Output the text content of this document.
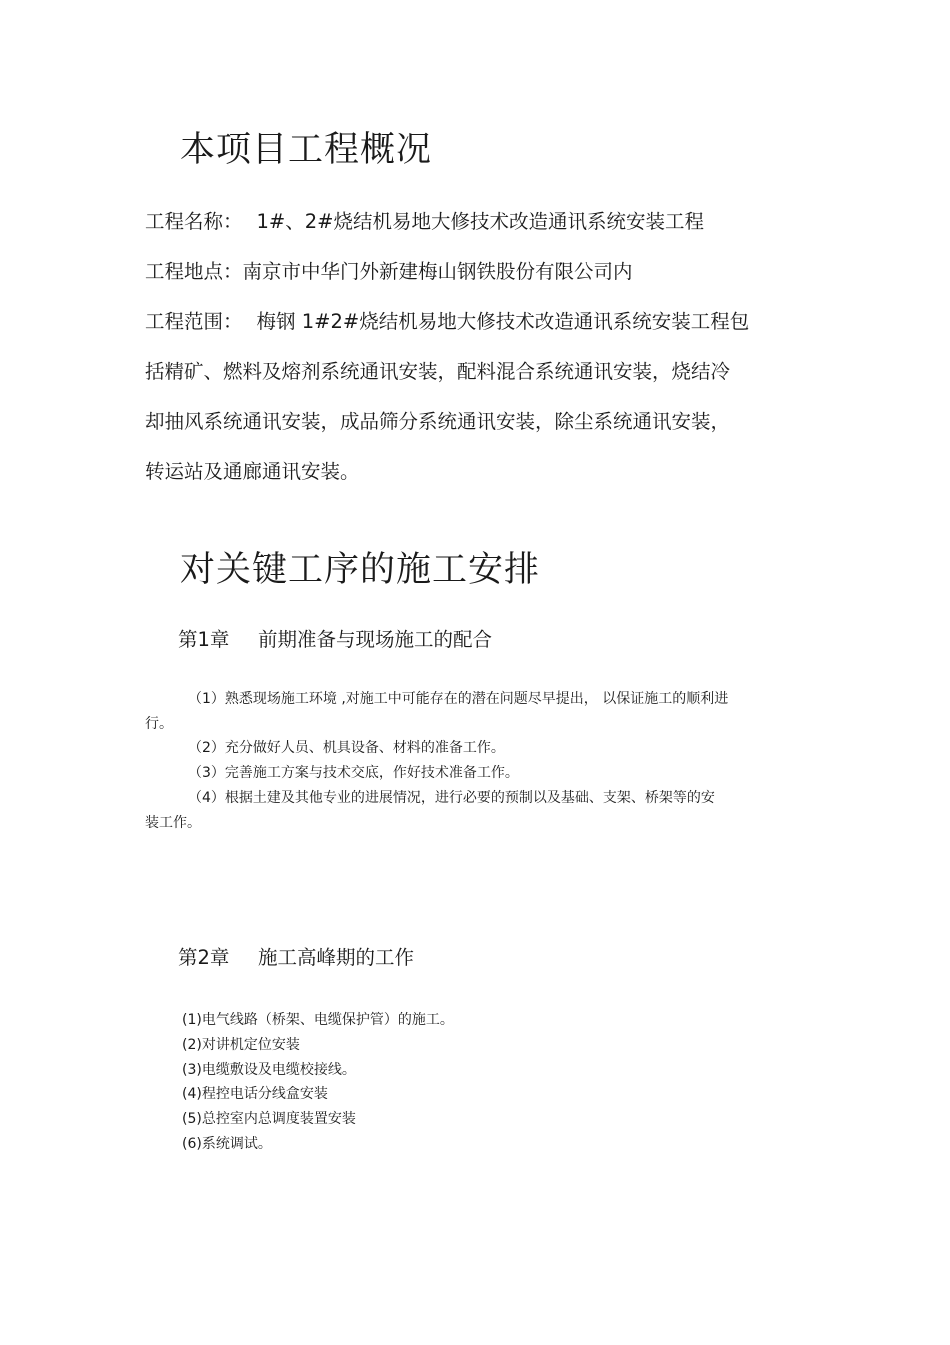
本项目工程概况
工程名称： 1#、2#烧结机易地大修技术改造通讯系统安装工程
工程地点：南京市中华门外新建梅山钢铁股份有限公司内
工程范围： 梅钢 1#2#烧结机易地大修技术改造通讯系统安装工程包
括精矿、燃料及熔剂系统通讯安装，配料混合系统通讯安装，烧结冷
却抽风系统通讯安装，成品筛分系统通讯安装，除尘系统通讯安装，
转运站及通廊通讯安装。
对关键工序的施工安排
第1章 前期准备与现场施工的配合
（1）熟悉现场施工环境 ,对施工中可能存在的潜在问题尽早提出， 以保证施工的顺利进
行。
（2）充分做好人员、机具设备、材料的准备工作。
（3）完善施工方案与技术交底，作好技术准备工作。
（4）根据土建及其他专业的进展情况，进行必要的预制以及基础、支架、桥架等的安
装工作。
第2章 施工高峰期的工作
(1)电气线路（桥架、电缆保护管）的施工。
(2)对讲机定位安装
(3)电缆敷设及电缆校接线。
(4)程控电话分线盒安装
(5)总控室内总调度装置安装
(6)系统调试。
